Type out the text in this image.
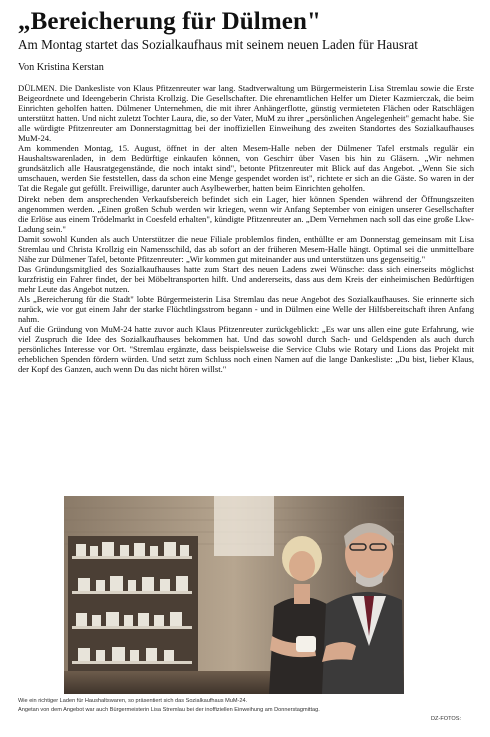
„Bereicherung für Dülmen"
Am Montag startet das Sozialkaufhaus mit seinem neuen Laden für Hausrat
Von Kristina Kerstan

DÜLMEN. Die Dankesliste von Klaus Pfitzenreuter war lang. Stadtverwaltung um Bürgermeisterin Lisa Stremlau sowie die Erste Beigeordnete und Ideengeberin Christa Krollzig. Die Gesellschafter. Die ehrenamtlichen Helfer um Dieter Kazmierczak, die beim Einrichten geholfen hatten. Dülmener Unternehmen, die mit ihrer Anhängerflotte, günstig vermieteten Flächen oder Ratschlägen unterstützt hatten. Und nicht zuletzt Tochter Laura, die, so der Vater, MuM zu ihrer „persönlichen Angelegenheit" gemacht habe. Sie alle würdigte Pfitzenreuter am Donnerstagmittag bei der inoffiziellen Einweihung des zweiten Standortes des Sozialkaufhauses MuM-24.

Am kommenden Montag, 15. August, öffnet in der alten Mesem-Halle neben der Dülmener Tafel erstmals regulär ein Haushaltswarenladen, in dem Bedürftige einkaufen können, von Geschirr über Vasen bis hin zu Gläsern. „Wir nehmen grundsätzlich alle Hausratgegenstände, die noch intakt sind", betonte Pfitzenreuter mit Blick auf das Angebot. „Wenn Sie sich umschauen, werden Sie feststellen, dass da schon eine Menge gespendet worden ist", richtete er sich an die Gäste. So waren in der Tat die Regale gut gefüllt. Freiwillige, darunter auch Asylbewerber, hatten beim Einrichten geholfen.

Direkt neben dem ansprechenden Verkaufsbereich befindet sich ein Lager, hier können Spenden während der Öffnungszeiten angenommen werden. „Einen großen Schub werden wir kriegen, wenn wir Anfang September von einigen unserer Gesellschafter die Erlöse aus einem Trödelmarkt in Coesfeld erhalten", kündigte Pfitzenreuter an. „Dem Vernehmen nach soll das eine große Lkw-Ladung sein."

Damit sowohl Kunden als auch Unterstützer die neue Filiale problemlos finden, enthüllte er am Donnerstag gemeinsam mit Lisa Stremlau und Christa Krollzig ein Namensschild, das ab sofort an der früheren Mesem-Halle hängt. Optimal sei die unmittelbare Nähe zur Dülmener Tafel, betonte Pfitzenreuter: „Wir kommen gut miteinander aus und unterstützen uns gegenseitig."

Das Gründungsmitglied des Sozialkaufhauses hatte zum Start des neuen Ladens zwei Wünsche: dass sich einerseits möglichst kurzfristig ein Fahrer findet, der bei Möbeltransporten hilft. Und andererseits, dass aus dem Kreis der einheimischen Bedürftigen mehr Leute das Angebot nutzen.

Als „Bereicherung für die Stadt" lobte Bürgermeisterin Lisa Stremlau das neue Angebot des Sozialkaufhauses. Sie erinnerte sich zurück, wie vor gut einem Jahr der starke Flüchtlingsstrom begann - und in Dülmen eine Welle der Hilfsbereitschaft ihren Anfang nahm.

Auf die Gründung von MuM-24 hatte zuvor auch Klaus Pfitzenreuter zurückgeblickt: „Es war uns allen eine gute Erfahrung, wie viel Zuspruch die Idee des Sozialkaufhauses bekommen hat. Und das sowohl durch Sach- und Geldspenden als auch durch persönliches Interesse vor Ort. "Stremlau ergänzte, dass beispielsweise die Service Clubs wie Rotary und Lions das Projekt mit erheblichen Spenden fördern würden. Und setzt zum Schluss noch einen Namen auf die lange Dankesliste: „Du bist, lieber Klaus, der Kopf des Ganzen, auch wenn Du das nicht hören willst."

Wie ein richtiger Laden für Haushaltswaren, so präsentiert sich das Sozialkaufhaus MuM-24.
Angetan von dem Angebot war auch Bürgermeisterin Lisa Stremlau bei der inoffiziellen Einweihung am Donnerstagmittag.
DZ-FOTOS:
